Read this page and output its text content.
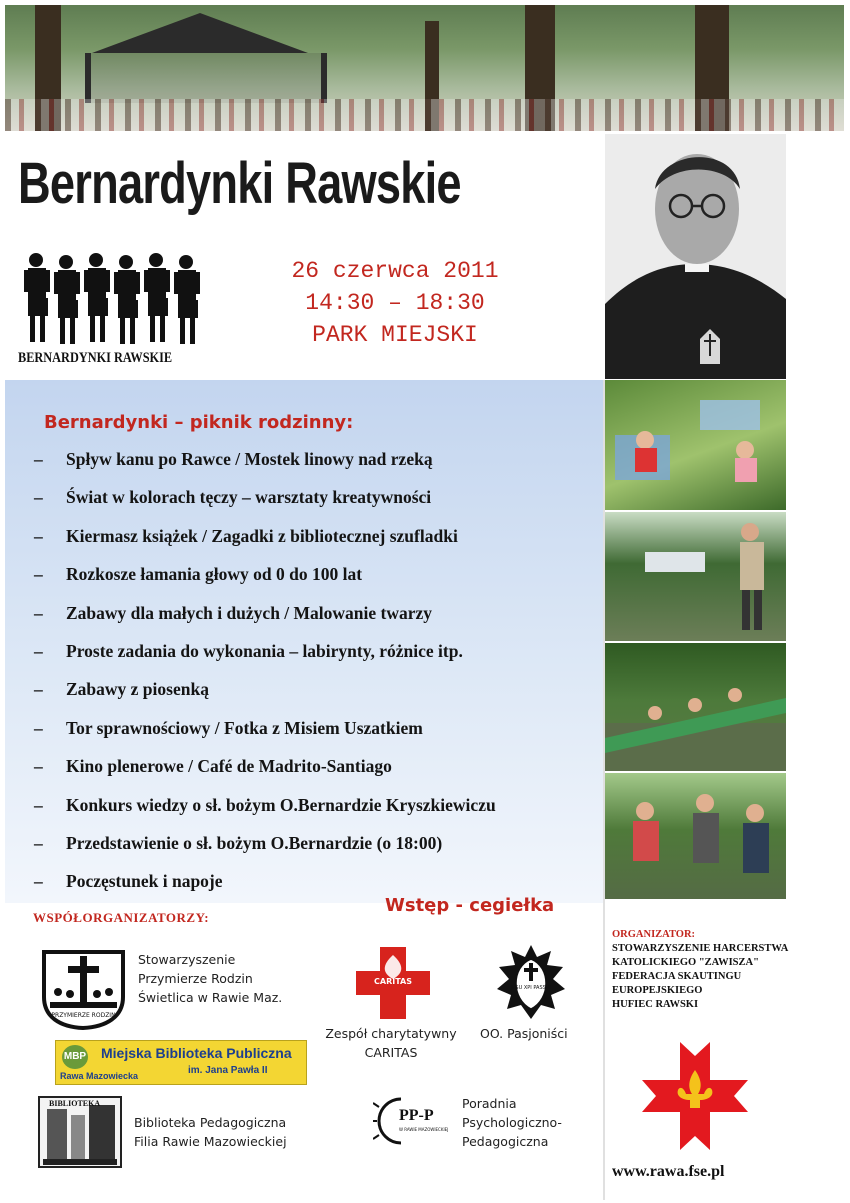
Bernardynki Rawskie
BERNARDYNKI RAWSKIE
26 czerwca 2011
14:30 – 18:30
PARK MIEJSKI
Bernardynki – piknik rodzinny:
–	Spływ kanu po Rawce / Mostek linowy nad rzeką
–	Świat w kolorach tęczy – warsztaty kreatywności
–	Kiermasz książek / Zagadki z bibliotecznej szufladki
–	Rozkosze łamania głowy od 0 do 100 lat
–	Zabawy dla małych i dużych / Malowanie twarzy
–	Proste zadania do wykonania – labirynty, różnice itp.
–	Zabawy z piosenką
–	Tor sprawnościowy / Fotka z Misiem Uszatkiem
–	Kino plenerowe / Café de Madrito-Santiago
–	Konkurs wiedzy o sł. bożym O.Bernardzie Kryszkiewiczu
–	Przedstawienie o sł. bożym O.Bernardzie (o 18:00)
–	Poczęstunek i napoje
WSPÓŁORGANIZATORZY:
Wstęp - cegiełka
PRZYMIERZE RODZIN
Stowarzyszenie
Przymierze Rodzin
Świetlica w Rawie Maz.
CARITAS
Zespół charytatywny
CARITAS
JESU XPI PASSIO
OO. Pasjoniści
MBP Miejska Biblioteka Publiczna
im. Jana Pawła II
Rawa Mazowiecka
BIBLIOTEKA
Biblioteka Pedagogiczna
Filia Rawie Mazowieckiej
PP-P
W RAWIE MAZOWIECKIEJ
Poradnia
Psychologiczno-
Pedagogiczna
ORGANIZATOR:
STOWARZYSZENIE HARCERSTWA
KATOLICKIEGO "ZAWISZA"
FEDERACJA SKAUTINGU
EUROPEJSKIEGO
HUFIEC RAWSKI
www.rawa.fse.pl
